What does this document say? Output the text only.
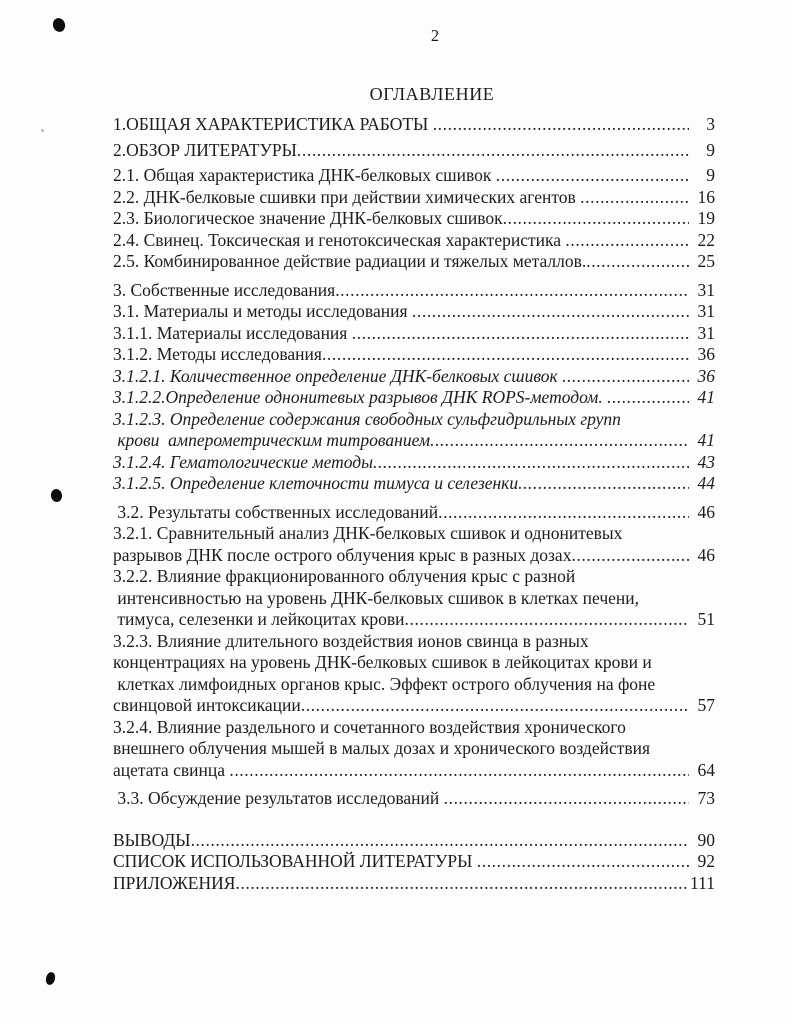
2
ОГЛАВЛЕНИЕ
1.ОБЩАЯ ХАРАКТЕРИСТИКА РАБОТЫ .....	3
2.ОБЗОР ЛИТЕРАТУРЫ .....	9
2.1. Общая характеристика ДНК-белковых сшивок .....	9
2.2. ДНК-белковые сшивки при действии химических агентов .....	16
2.3. Биологическое значение ДНК-белковых сшивок .....	19
2.4. Свинец. Токсическая и генотоксическая характеристика .....	22
2.5. Комбинированное действие радиации и тяжелых металлов. .....	25
3. Собственные исследования .....	31
3.1. Материалы и методы исследования .....	31
3.1.1. Материалы исследования .....	31
3.1.2. Методы исследования .....	36
3.1.2.1. Количественное определение ДНК-белковых сшивок .....	36
3.1.2.2.Определение однонитевых разрывов ДНК ROPS-методом. .....	41
3.1.2.3. Определение содержания свободных сульфгидрильных групп
крови  амперометрическим титрованием .....	41
3.1.2.4. Гематологические методы .....	43
3.1.2.5. Определение клеточности тимуса и селезенки .....	44
3.2. Результаты собственных исследований .....	46
3.2.1. Сравнительный анализ ДНК-белковых сшивок и однонитевых
разрывов ДНК после острого облучения крыс в разных дозах .....	46
3.2.2. Влияние фракционированного облучения крыс с разной
интенсивностью на уровень ДНК-белковых сшивок в клетках печени,
тимуса, селезенки и лейкоцитах крови .....	51
3.2.3. Влияние длительного воздействия ионов свинца в разных
концентрациях на уровень ДНК-белковых сшивок в лейкоцитах крови и
клетках лимфоидных органов крыс. Эффект острого облучения на фоне
свинцовой интоксикации .....	57
3.2.4. Влияние раздельного и сочетанного воздействия хронического
внешнего облучения мышей в малых дозах и хронического воздействия
ацетата свинца .....	64
3.3. Обсуждение результатов исследований .....	73
ВЫВОДЫ .....	90
СПИСОК ИСПОЛЬЗОВАННОЙ ЛИТЕРАТУРЫ .....	92
ПРИЛОЖЕНИЯ .....	111
